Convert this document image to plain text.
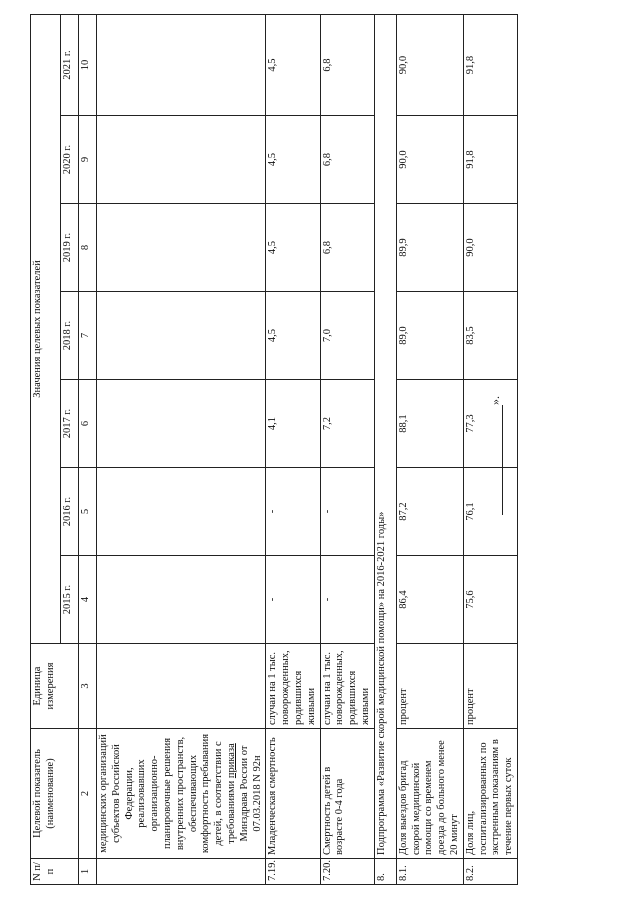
N п/п	Целевой показатель (наименование)	Единица измерения	Значения целевых показателей						
			2015 г.	2016 г.	2017 г.	2018 г.	2019 г.	2020 г.	2021 г.
1	2	3	4	5	6	7	8	9	10
	медицинских организаций субъектов Российской Федерации, реализовавших организационно-планировочные решения внутренних пространств, обеспечивающих комфортность пребывания детей, в соответствии с требованиями приказа Минздрава России от 07.03.2018 N 92н								
7.19.	Младенческая смертность	случаи на 1 тыс. новорожденных, родившихся живыми	-	-	4,1	4,5	4,5	4,5	4,5
7.20.	Смертность детей в возрасте 0-4 года	случаи на 1 тыс. новорожденных, родившихся живыми	-	-	7,2	7,0	6,8	6,8	6,8
8.	Подпрограмма «Развитие скорой медицинской помощи» на 2016-2021 годы»								
8.1.	Доля выездов бригад скорой медицинской помощи со временем доезда до больного менее 20 минут	процент	86,4	87,2	88,1	89,0	89,9	90,0	90,0
8.2.	Доля лиц, госпитализированных по экстренным показаниям в течение первых суток	процент	75,6	76,1	77,3	83,5	90,0	91,8	91,8
».
